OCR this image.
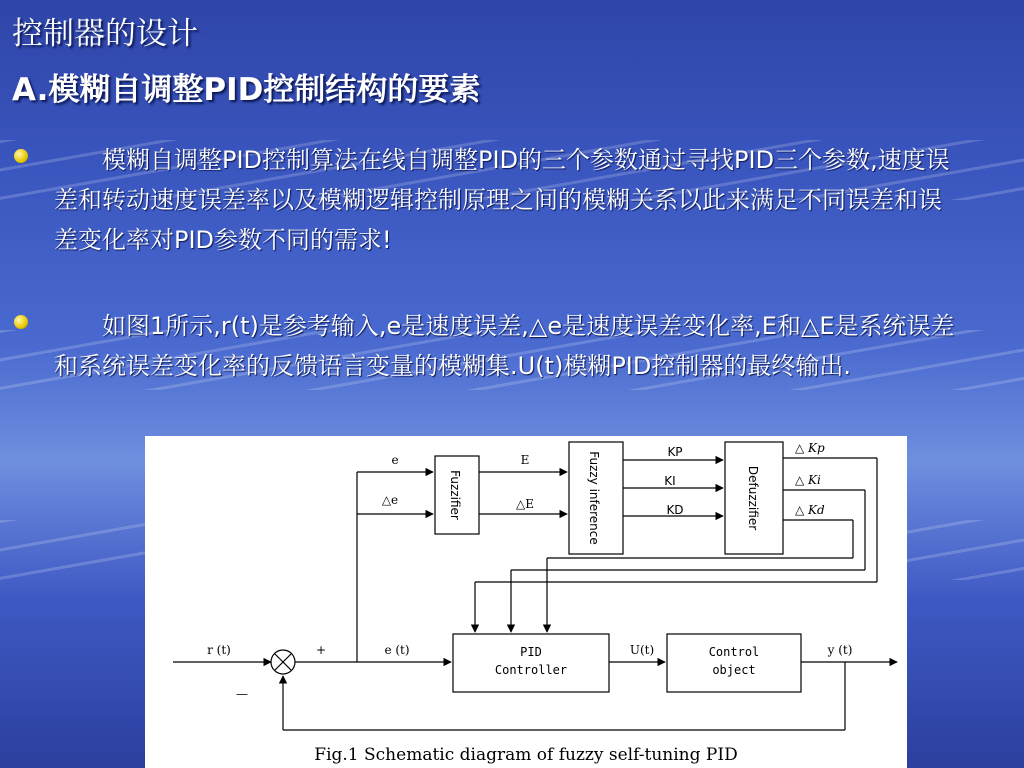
控制器的设计
A.模糊自调整PID控制结构的要素
　　模糊自调整PID控制算法在线自调整PID的三个参数通过寻找PID三个参数,速度误差和转动速度误差率以及模糊逻辑控制原理之间的模糊关系以此来满足不同误差和误差变化率对PID参数不同的需求!
　　如图1所示,r(t)是参考输入,e是速度误差,△e是速度误差变化率,E和△E是系统误差和系统误差变化率的反馈语言变量的模糊集.U(t)模糊PID控制器的最终输出.
Fuzzifier	Fuzzy inference	Defuzzifier
PID
Controller
Control
object
e
△e
E
△E
KP
KI
KD
△ Kp
△ Ki
△ Kd
r (t)	+
—
e (t)	U(t)	y (t)
Fig.1 Schematic diagram of fuzzy self-tuning PID
